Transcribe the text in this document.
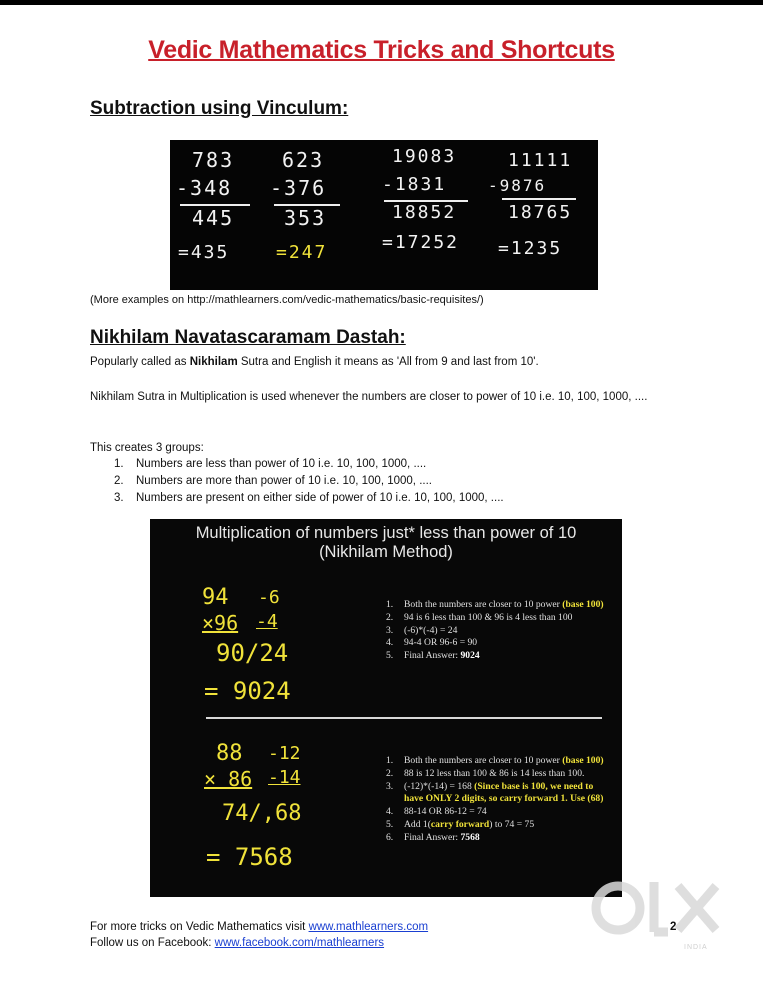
Vedic Mathematics Tricks and Shortcuts
Subtraction using Vinculum:
783
-348
445
=435
623
-376
353
=247
19083
-1831
18852
=17252
11111
-9876
18765
=1235
(More examples on http://mathlearners.com/vedic-mathematics/basic-requisites/)
Nikhilam Navatascaramam Dastah:
Popularly called as Nikhilam Sutra and English it means as 'All from 9 and last from 10'.
Nikhilam Sutra in Multiplication is used whenever the numbers are closer to power of 10 i.e. 10, 100, 1000, ....
This creates 3 groups:
1. Numbers are less than power of 10 i.e. 10, 100, 1000, ....
2. Numbers are more than power of 10 i.e. 10, 100, 1000, ....
3. Numbers are present on either side of power of 10 i.e. 10, 100, 1000, ....
Multiplication of numbers just* less than power of 10
(Nikhilam Method)
94 -6
×96 -4
90/24
= 9024
1. Both the numbers are closer to 10 power (base 100)
2. 94 is 6 less than 100 & 96 is 4 less than 100
3. (-6)*(-4) = 24
4. 94-4 OR 96-6 = 90
5. Final Answer: 9024
88 -12
× 86 -14
74/,68
= 7568
1. Both the numbers are closer to 10 power (base 100)
2. 88 is 12 less than 100 & 86 is 14 less than 100.
3. (-12)*(-14) = 168 (Since base is 100, we need to have ONLY 2 digits, so carry forward 1. Use (68)
4. 88-14 OR 86-12 = 74
5. Add 1(carry forward) to 74 = 75
6. Final Answer: 7568
For more tricks on Vedic Mathematics visit www.mathlearners.com
Follow us on Facebook: www.facebook.com/mathlearners
2
INDIA
